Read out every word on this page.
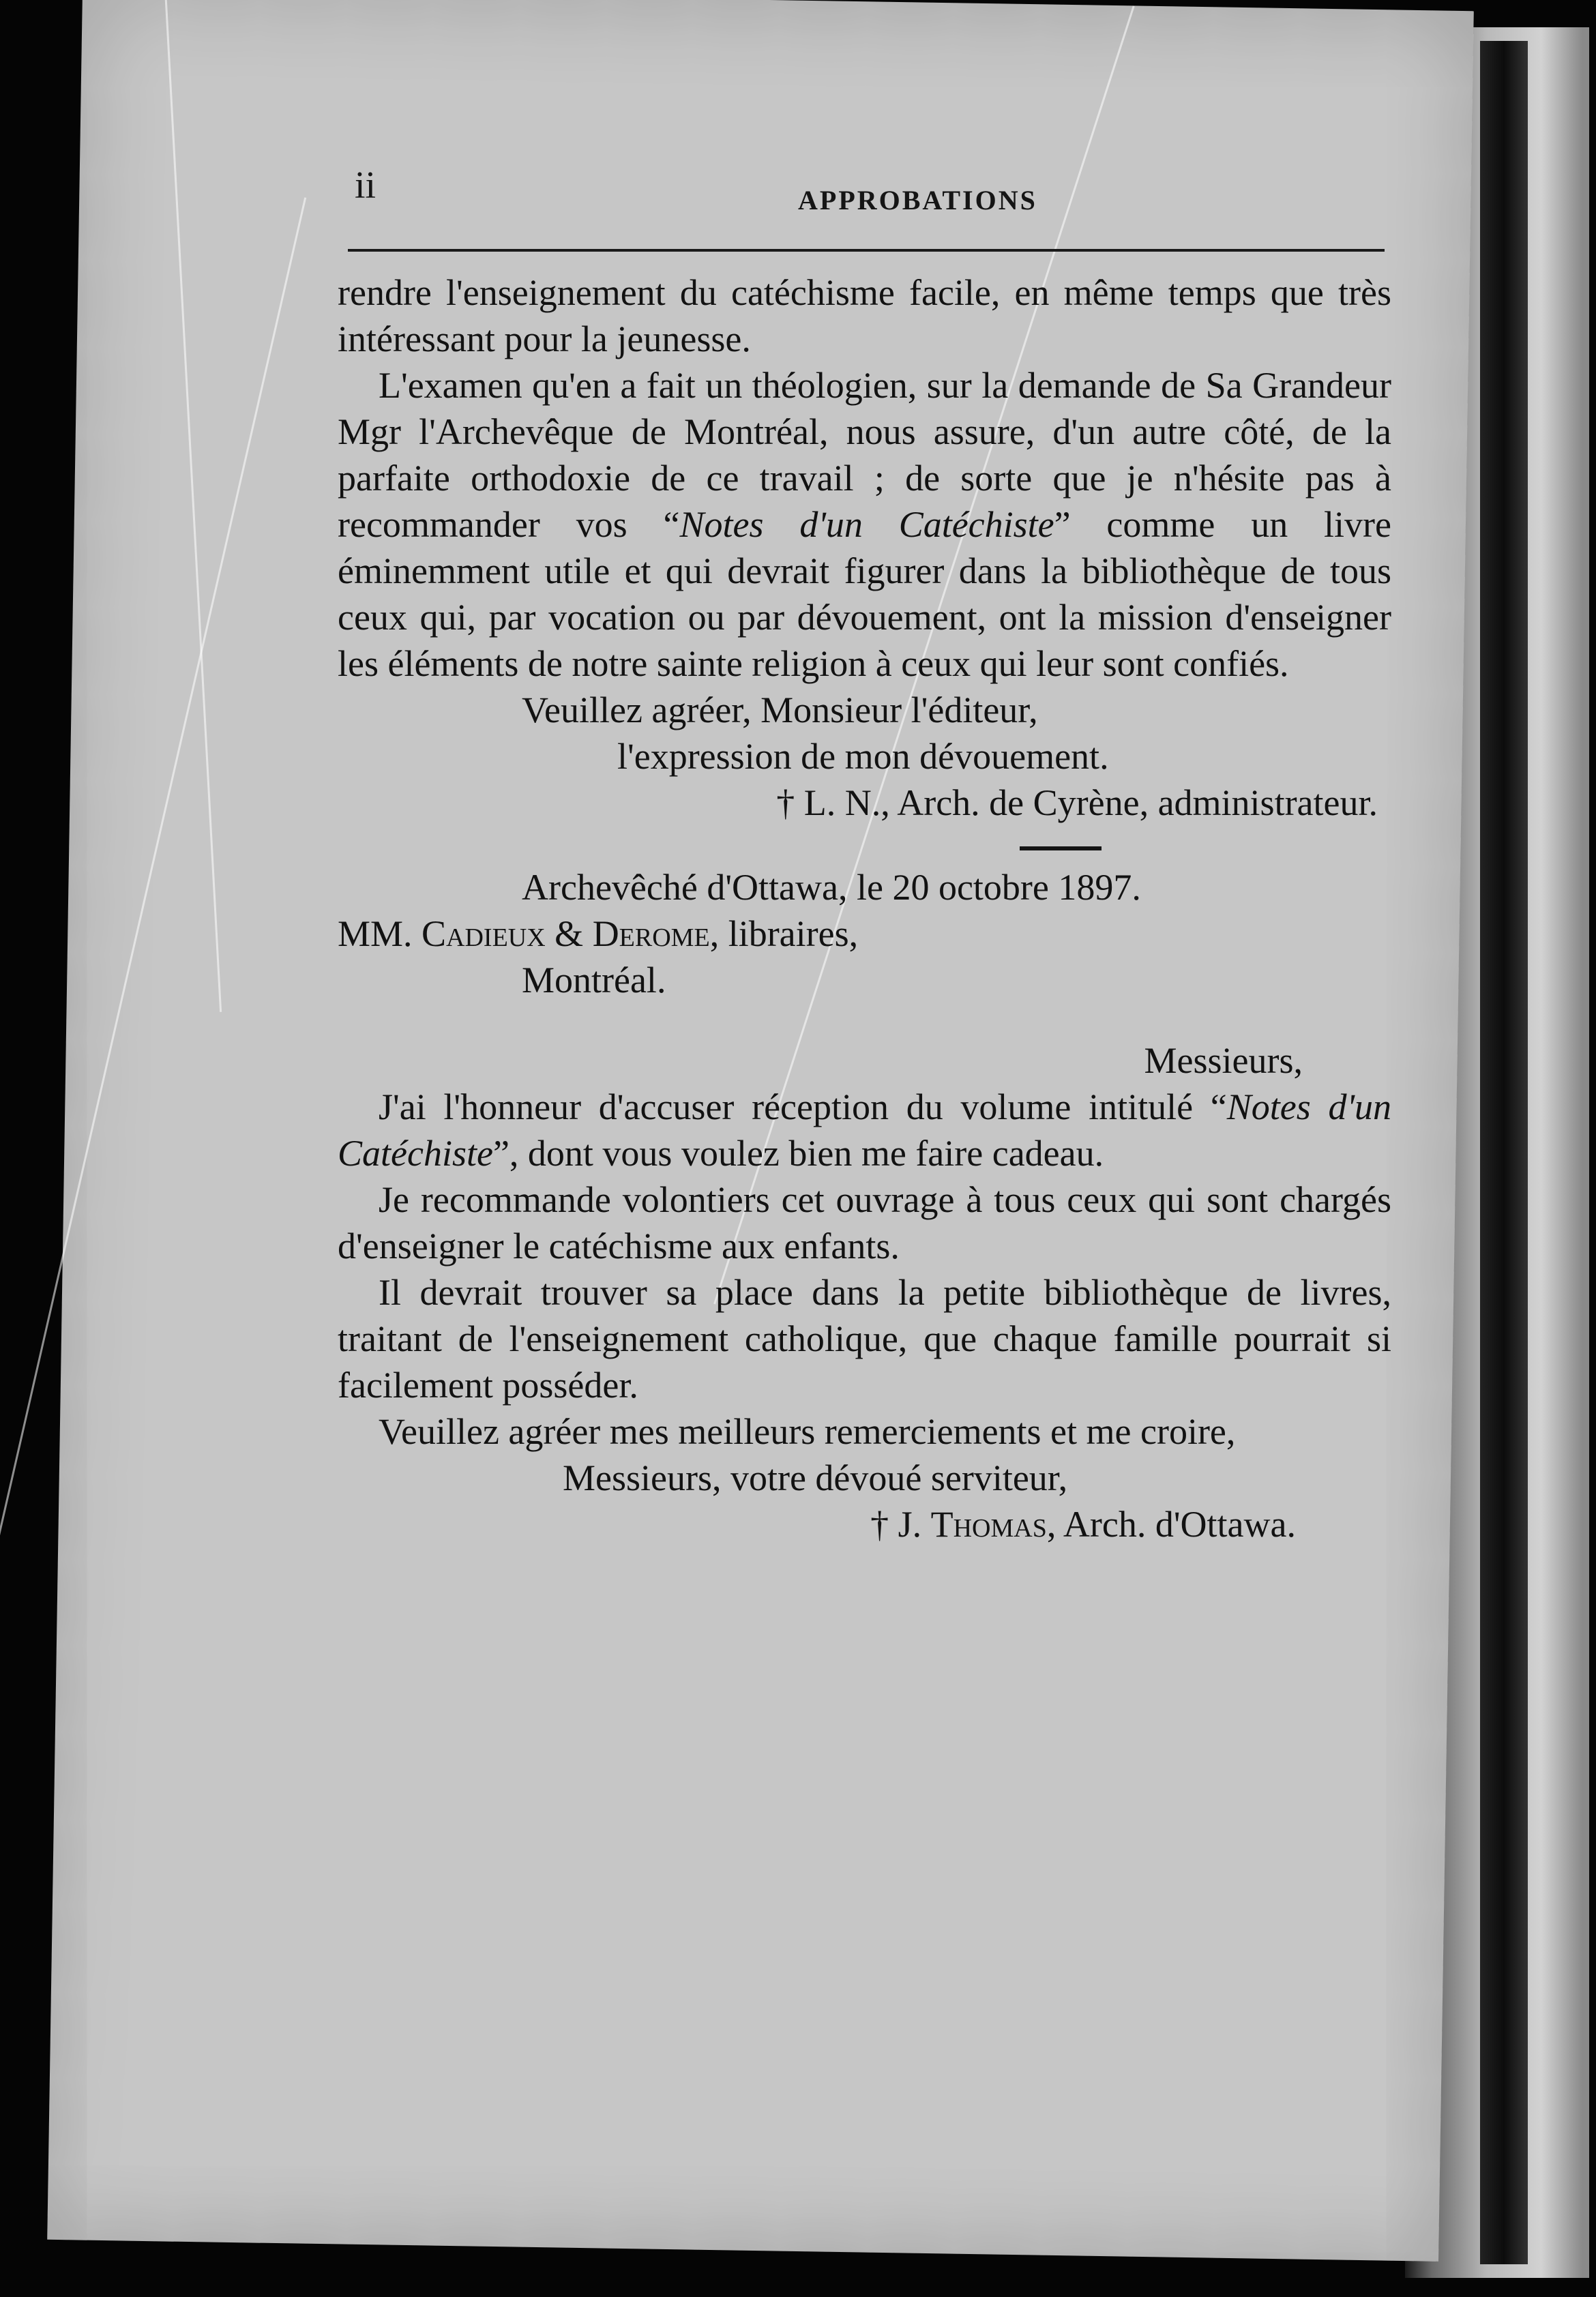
ii	APPROBATIONS

rendre l'enseignement du catéchisme facile, en même temps que très intéressant pour la jeunesse.

L'examen qu'en a fait un théologien, sur la demande de Sa Grandeur Mgr l'Archevêque de Montréal, nous assure, d'un autre côté, de la parfaite orthodoxie de ce travail ; de sorte que je n'hésite pas à recommander vos “Notes d'un Catéchiste” comme un livre éminemment utile et qui devrait figurer dans la bibliothèque de tous ceux qui, par vocation ou par dévouement, ont la mission d'enseigner les éléments de notre sainte religion à ceux qui leur sont confiés.

Veuillez agréer, Monsieur l'éditeur,

l'expression de mon dévouement.

† L. N., Arch. de Cyrène, administrateur.

Archevêché d'Ottawa, le 20 octobre 1897.

MM. Cadieux & Derome, libraires,

Montréal.

Messieurs,

J'ai l'honneur d'accuser réception du volume intitulé “Notes d'un Catéchiste”, dont vous voulez bien me faire cadeau.

Je recommande volontiers cet ouvrage à tous ceux qui sont chargés d'enseigner le catéchisme aux enfants.

Il devrait trouver sa place dans la petite bibliothèque de livres, traitant de l'enseignement catholique, que chaque famille pourrait si facilement posséder.

Veuillez agréer mes meilleurs remerciements et me croire,

Messieurs, votre dévoué serviteur,

† J. Thomas, Arch. d'Ottawa.
